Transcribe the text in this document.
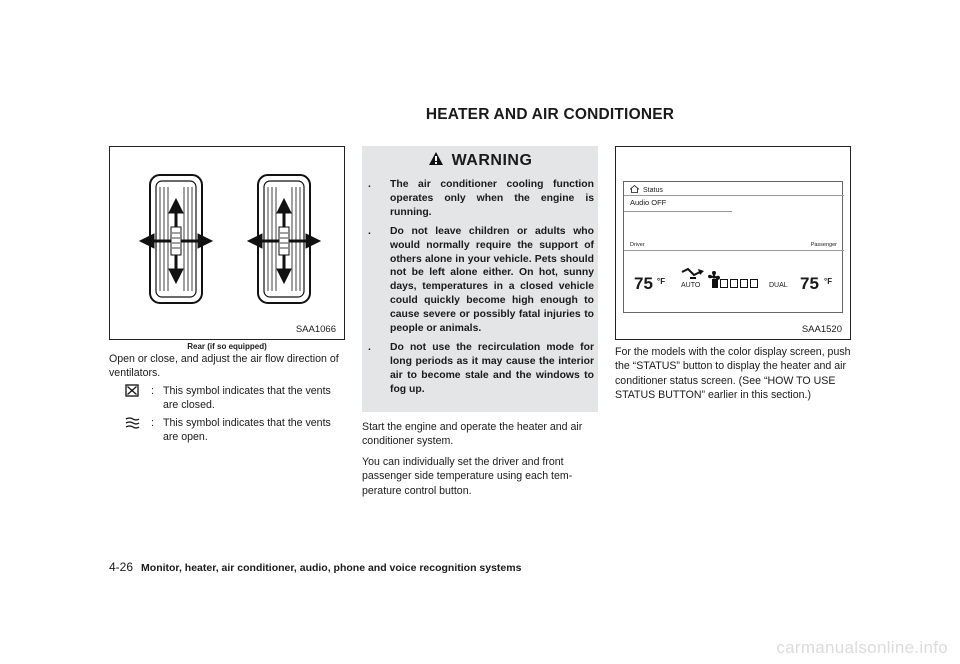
HEATER AND AIR CONDITIONER
SAA1066
Rear (if so equipped)
Open or close, and adjust the air flow direction of ventilators.
: This symbol indicates that the vents are closed.
: This symbol indicates that the vents are open.
WARNING
.	The air conditioner cooling function operates only when the engine is running.
.	Do not leave children or adults who would normally require the support of others alone in your vehicle. Pets should not be left alone either. On hot, sunny days, temperatures in a closed vehicle could quickly become high enough to cause severe or possibly fatal injuries to people or animals.
.	Do not use the recirculation mode for long periods as it may cause the interior air to become stale and the windows to fog up.
Start the engine and operate the heater and air conditioner system.
You can individually set the driver and front passenger side temperature using each tem-perature control button.
Status
Audio OFF
Driver	Passenger
75 °F AUTO	DUAL 75 °F
SAA1520
For the models with the color display screen, push the “STATUS” button to display the heater and air conditioner status screen. (See “HOW TO USE STATUS BUTTON” earlier in this section.)
4-26 Monitor, heater, air conditioner, audio, phone and voice recognition systems
carmanualsonline.info
